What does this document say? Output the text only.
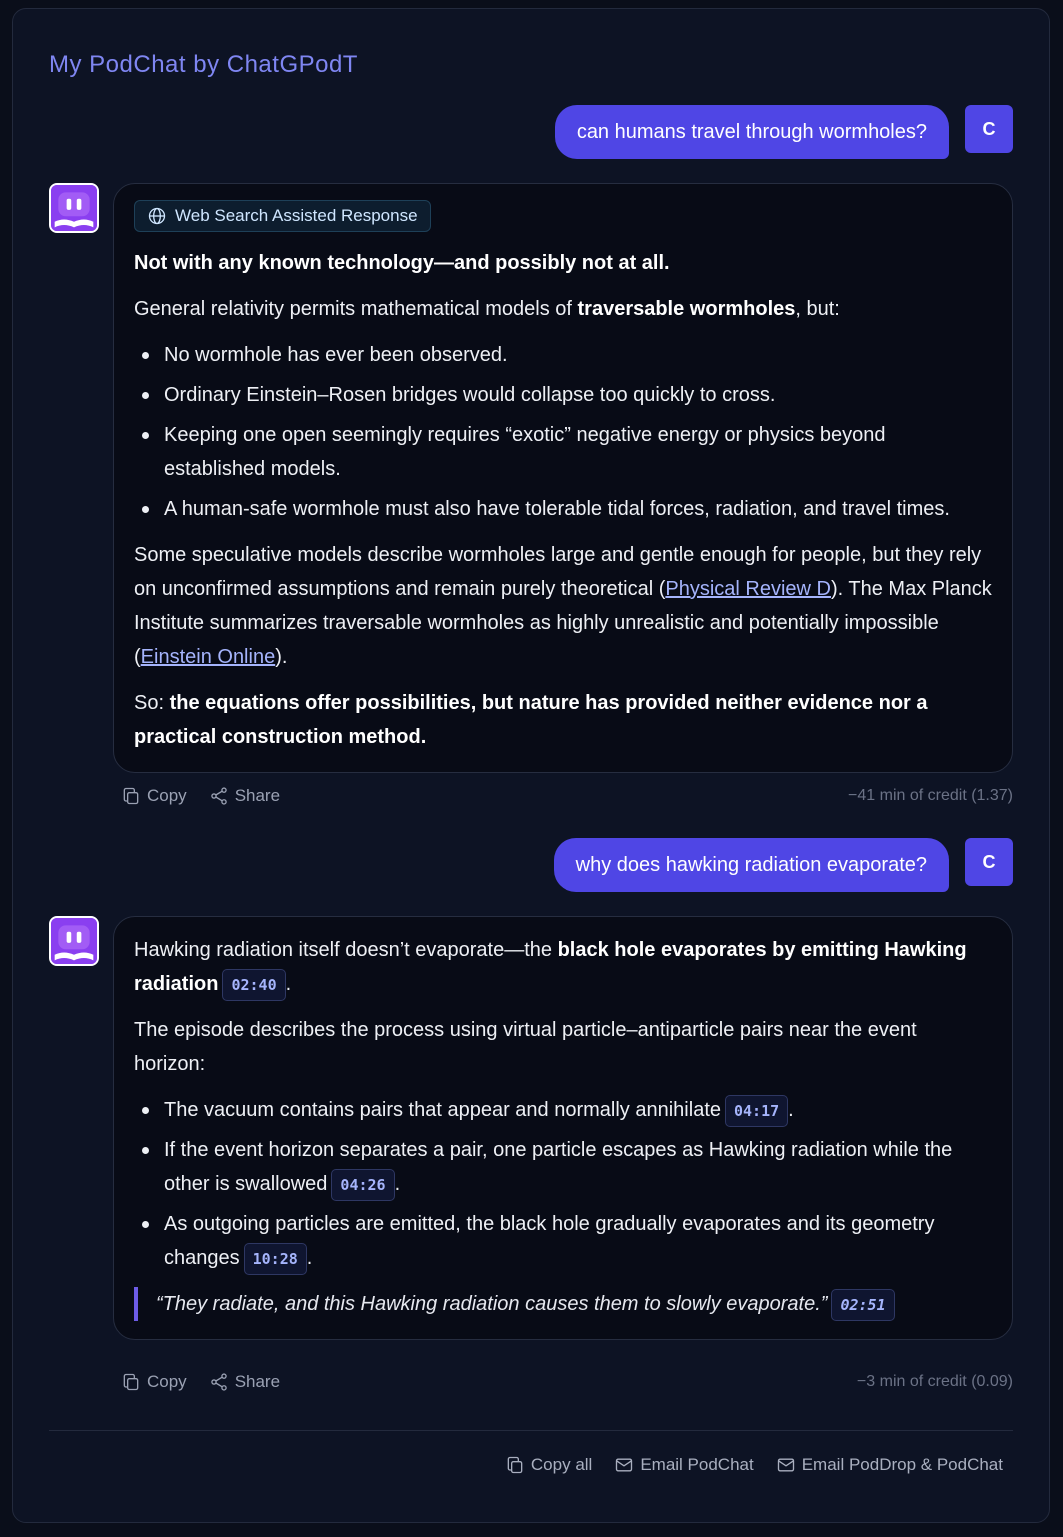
My PodChat by ChatGPodT
can humans travel through wormholes?	C
Web Search Assisted Response

Not with any known technology—and possibly not at all.

General relativity permits mathematical models of traversable wormholes, but:

No wormhole has ever been observed.
Ordinary Einstein–Rosen bridges would collapse too quickly to cross.
Keeping one open seemingly requires “exotic” negative energy or physics beyond established models.
A human-safe wormhole must also have tolerable tidal forces, radiation, and travel times.

Some speculative models describe wormholes large and gentle enough for people, but they rely on unconfirmed assumptions and remain purely theoretical (Physical Review D). The Max Planck Institute summarizes traversable wormholes as highly unrealistic and potentially impossible (Einstein Online).

So: the equations offer possibilities, but nature has provided neither evidence nor a practical construction method.

Copy	Share	−41 min of credit (1.37)
why does hawking radiation evaporate?	C

Hawking radiation itself doesn’t evaporate—the black hole evaporates by emitting Hawking radiation 02:40 .

The episode describes the process using virtual particle–antiparticle pairs near the event horizon:

The vacuum contains pairs that appear and normally annihilate 04:17 .
If the event horizon separates a pair, one particle escapes as Hawking radiation while the other is swallowed 04:26 .
As outgoing particles are emitted, the black hole gradually evaporates and its geometry changes 10:28 .
“They radiate, and this Hawking radiation causes them to slowly evaporate.” 02:51
Copy	Share	−3 min of credit (0.09)
Copy all	Email PodChat	Email PodDrop & PodChat
